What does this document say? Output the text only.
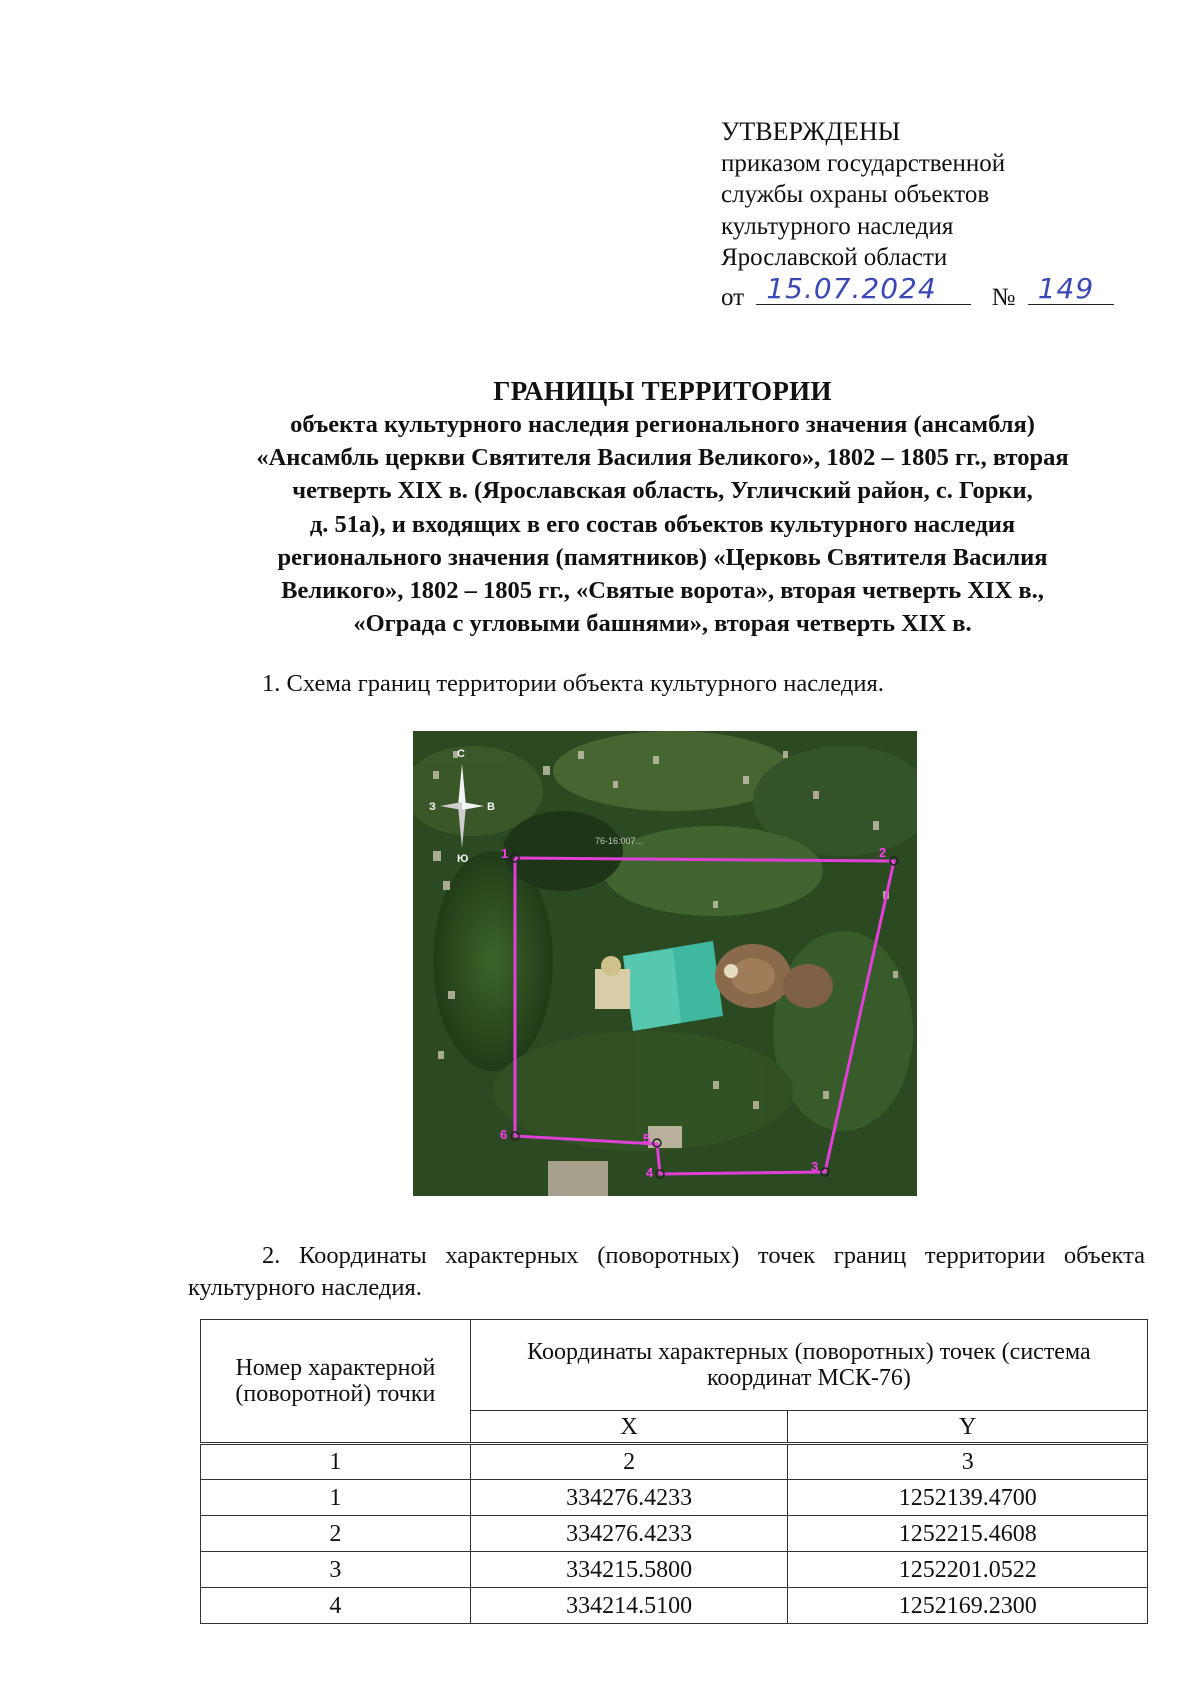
УТВЕРЖДЕНЫ
приказом государственной
службы охраны объектов
культурного наследия
Ярославской области
от 15.07.2024 № 149
ГРАНИЦЫ ТЕРРИТОРИИ
объекта культурного наследия регионального значения (ансамбля)
«Ансамбль церкви Святителя Василия Великого», 1802 – 1805 гг., вторая
четверть XIX в. (Ярославская область, Угличский район, с. Горки,
д. 51а), и входящих в его состав объектов культурного наследия
регионального значения (памятников) «Церковь Святителя Василия
Великого», 1802 – 1805 гг., «Святые ворота», вторая четверть XIX в.,
«Ограда с угловыми башнями», вторая четверть XIX в.
1. Схема границ территории объекта культурного наследия.
1	2
3
4
5
6
76-16:007...
С
Ю
З	В
2. Координаты характерных (поворотных) точек границ территории объекта культурного наследия.
Номер характерной (поворотной) точки	Координаты характерных (поворотных) точек (система координат МСК-76)	
	X	Y
1	2	3
1	334276.4233	1252139.4700
2	334276.4233	1252215.4608
3	334215.5800	1252201.0522
4	334214.5100	1252169.2300
